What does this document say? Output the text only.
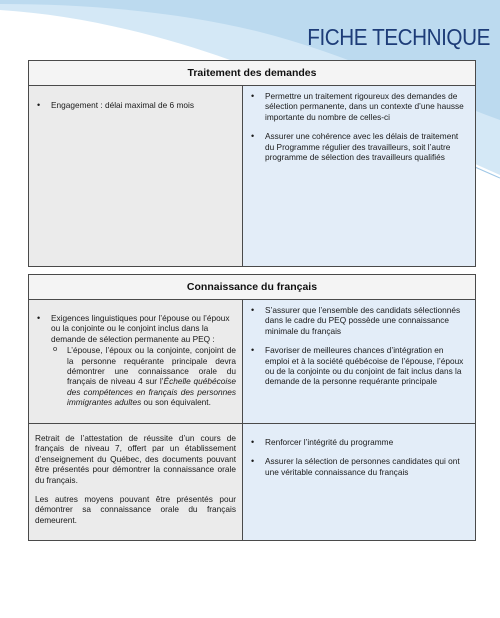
FICHE TECHNIQUE
Traitement des demandes
• Engagement : délai maximal de 6 mois
• Permettre un traitement rigoureux des demandes de sélection permanente, dans un contexte d’une hausse importante du nombre de celles-ci
• Assurer une cohérence avec les délais de traitement du Programme régulier des travailleurs, soit l’autre programme de sélection des travailleurs qualifiés
Connaissance du français
• Exigences linguistiques pour l’épouse ou l’époux ou la conjointe ou le conjoint inclus dans la demande de sélection permanente au PEQ :
o L’épouse, l’époux ou la conjointe, conjoint de la personne requérante principale devra démontrer une connaissance orale du français de niveau 4 sur l’Échelle québécoise des compétences en français des personnes immigrantes adultes ou son équivalent.
• S’assurer que l’ensemble des candidats sélectionnés dans le cadre du PEQ possède une connaissance minimale du français
• Favoriser de meilleures chances d’intégration en emploi et à la société québécoise de l’épouse, l’époux ou de la conjointe ou du conjoint de fait inclus dans la demande de la personne requérante principale

Retrait de l’attestation de réussite d’un cours de français de niveau 7, offert par un établissement d’enseignement du Québec, des documents pouvant être présentés pour démontrer la connaissance orale du français.

Les autres moyens pouvant être présentés pour démontrer sa connaissance orale du français demeurent.

• Renforcer l’intégrité du programme
• Assurer la sélection de personnes candidates qui ont une véritable connaissance du français
